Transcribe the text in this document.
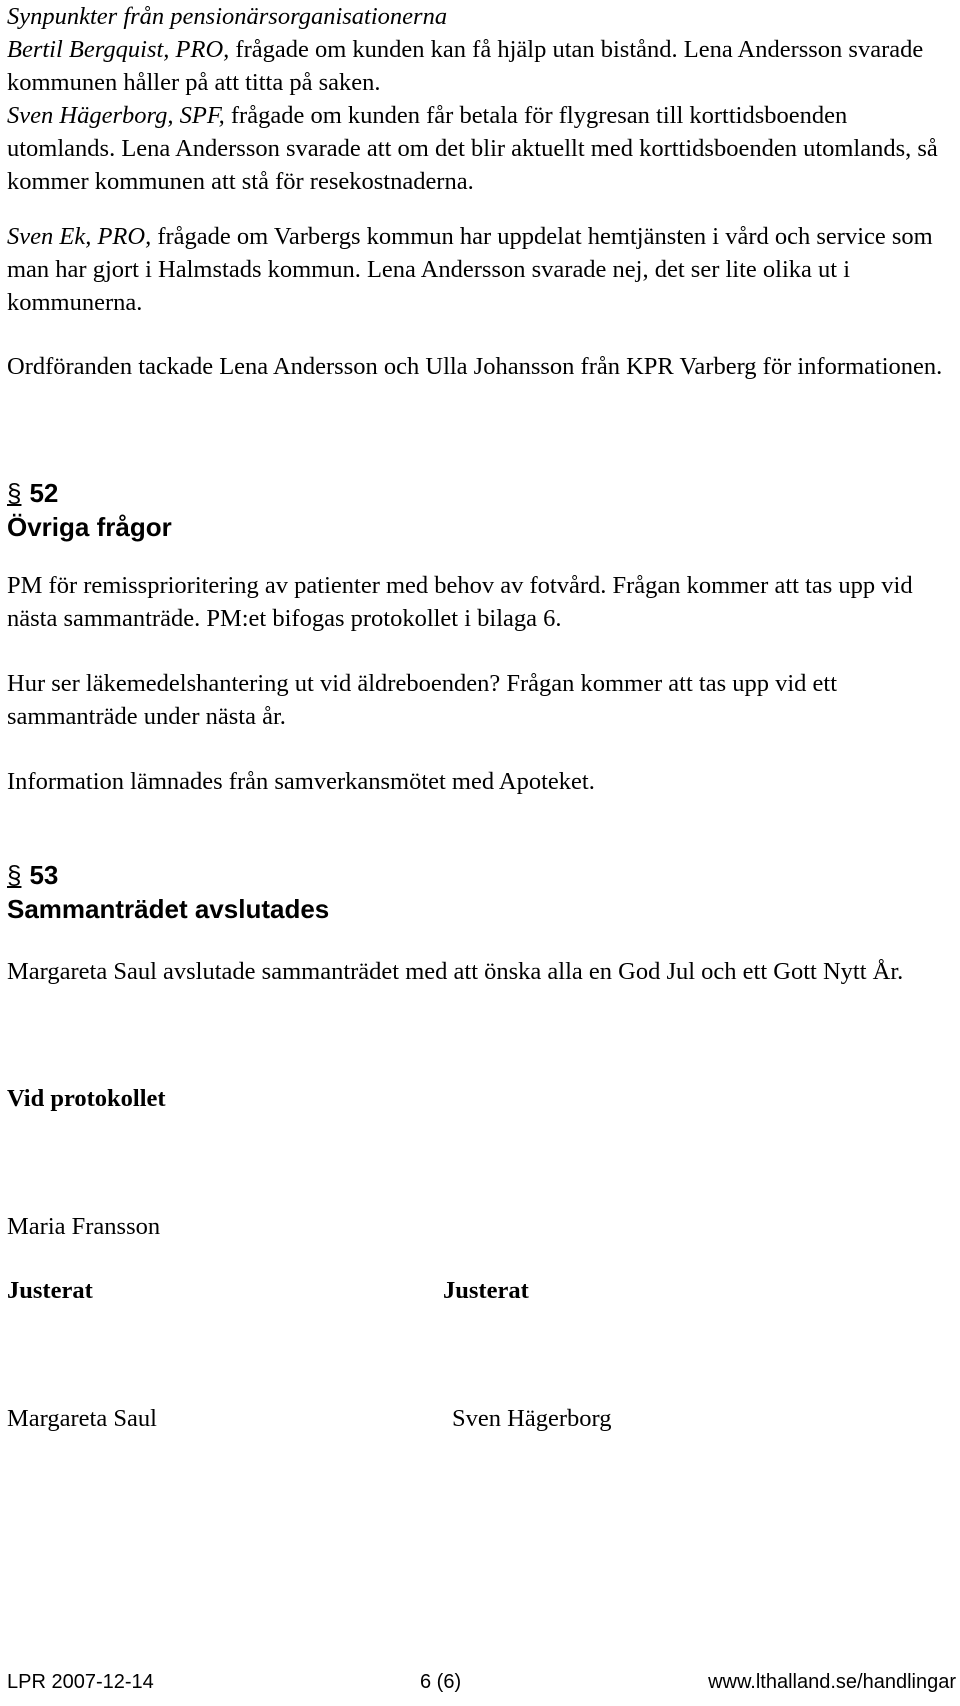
Synpunkter från pensionärsorganisationerna

Bertil Bergquist, PRO, frågade om kunden kan få hjälp utan bistånd. Lena Andersson svarade kommunen håller på att titta på saken.

Sven Hägerborg, SPF, frågade om kunden får betala för flygresan till korttidsboenden utomlands. Lena Andersson svarade att om det blir aktuellt med korttidsboenden utomlands, så kommer kommunen att stå för resekostnaderna.

Sven Ek, PRO, frågade om Varbergs kommun har uppdelat hemtjänsten i vård och service som man har gjort i Halmstads kommun. Lena Andersson svarade nej, det ser lite olika ut i kommunerna.

Ordföranden tackade Lena Andersson och Ulla Johansson från KPR Varberg för informationen.

§ 52
Övriga frågor

PM för remissprioritering av patienter med behov av fotvård. Frågan kommer att tas upp vid nästa sammanträde. PM:et bifogas protokollet i bilaga 6.

Hur ser läkemedelshantering ut vid äldreboenden? Frågan kommer att tas upp vid ett sammanträde under nästa år.

Information lämnades från samverkansmötet med Apoteket.

§ 53
Sammanträdet avslutades

Margareta Saul avslutade sammanträdet med att önska alla en God Jul och ett Gott Nytt År.

Vid protokollet

Maria Fransson

Justerat	Justerat

Margareta Saul	Sven Hägerborg

LPR 2007-12-14	6 (6)	www.lthalland.se/handlingar
